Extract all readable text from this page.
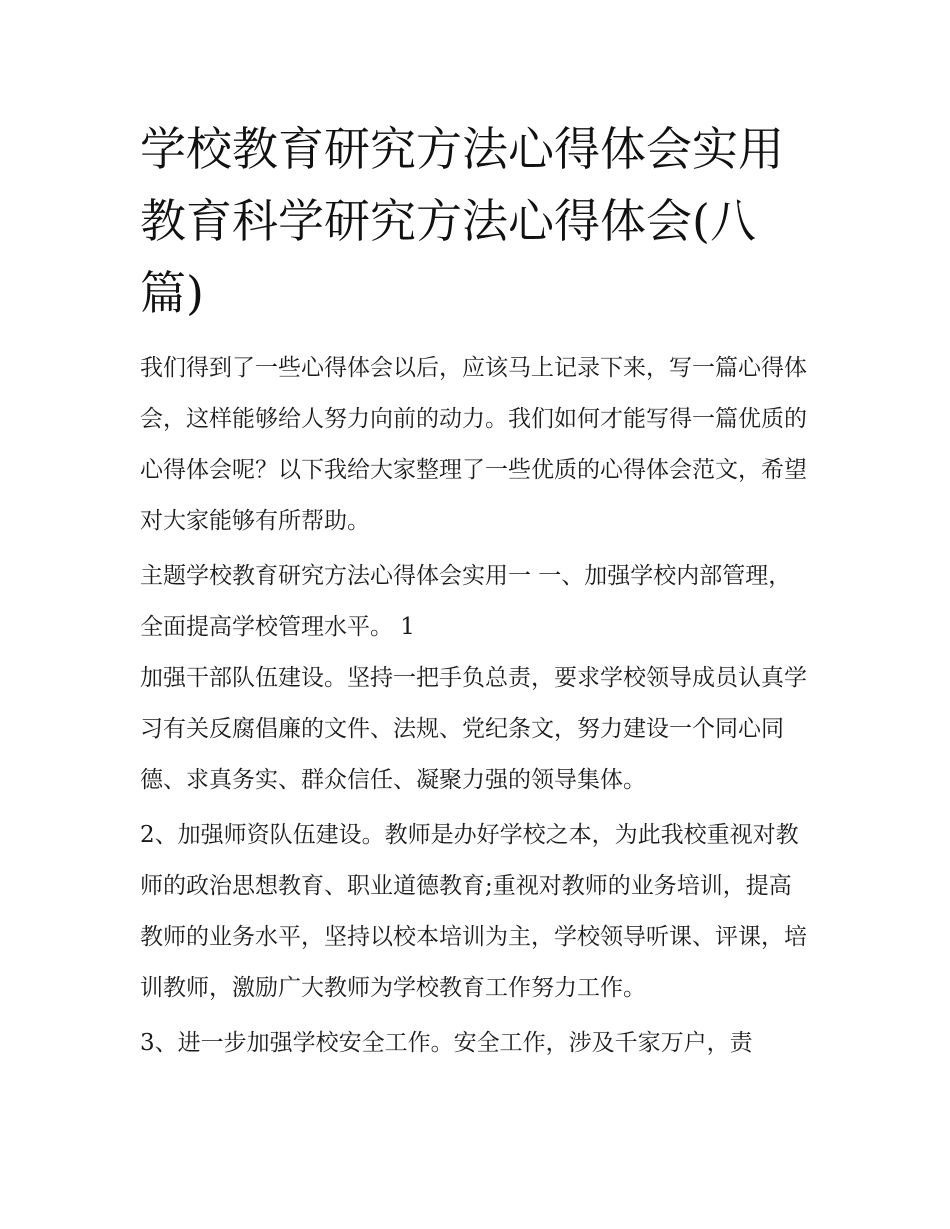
学校教育研究方法心得体会实用 教育科学研究方法心得体会(八篇)

我们得到了一些心得体会以后，应该马上记录下来，写一篇心得体会，这样能够给人努力向前的动力。我们如何才能写得一篇优质的心得体会呢？以下我给大家整理了一些优质的心得体会范文，希望对大家能够有所帮助。

主题学校教育研究方法心得体会实用一 一、加强学校内部管理，全面提高学校管理水平。 1

加强干部队伍建设。坚持一把手负总责，要求学校领导成员认真学习有关反腐倡廉的文件、法规、党纪条文，努力建设一个同心同德、求真务实、群众信任、凝聚力强的领导集体。

2、加强师资队伍建设。教师是办好学校之本，为此我校重视对教师的政治思想教育、职业道德教育;重视对教师的业务培训，提高教师的业务水平，坚持以校本培训为主，学校领导听课、评课，培训教师，激励广大教师为学校教育工作努力工作。

3、进一步加强学校安全工作。安全工作，涉及千家万户，责
